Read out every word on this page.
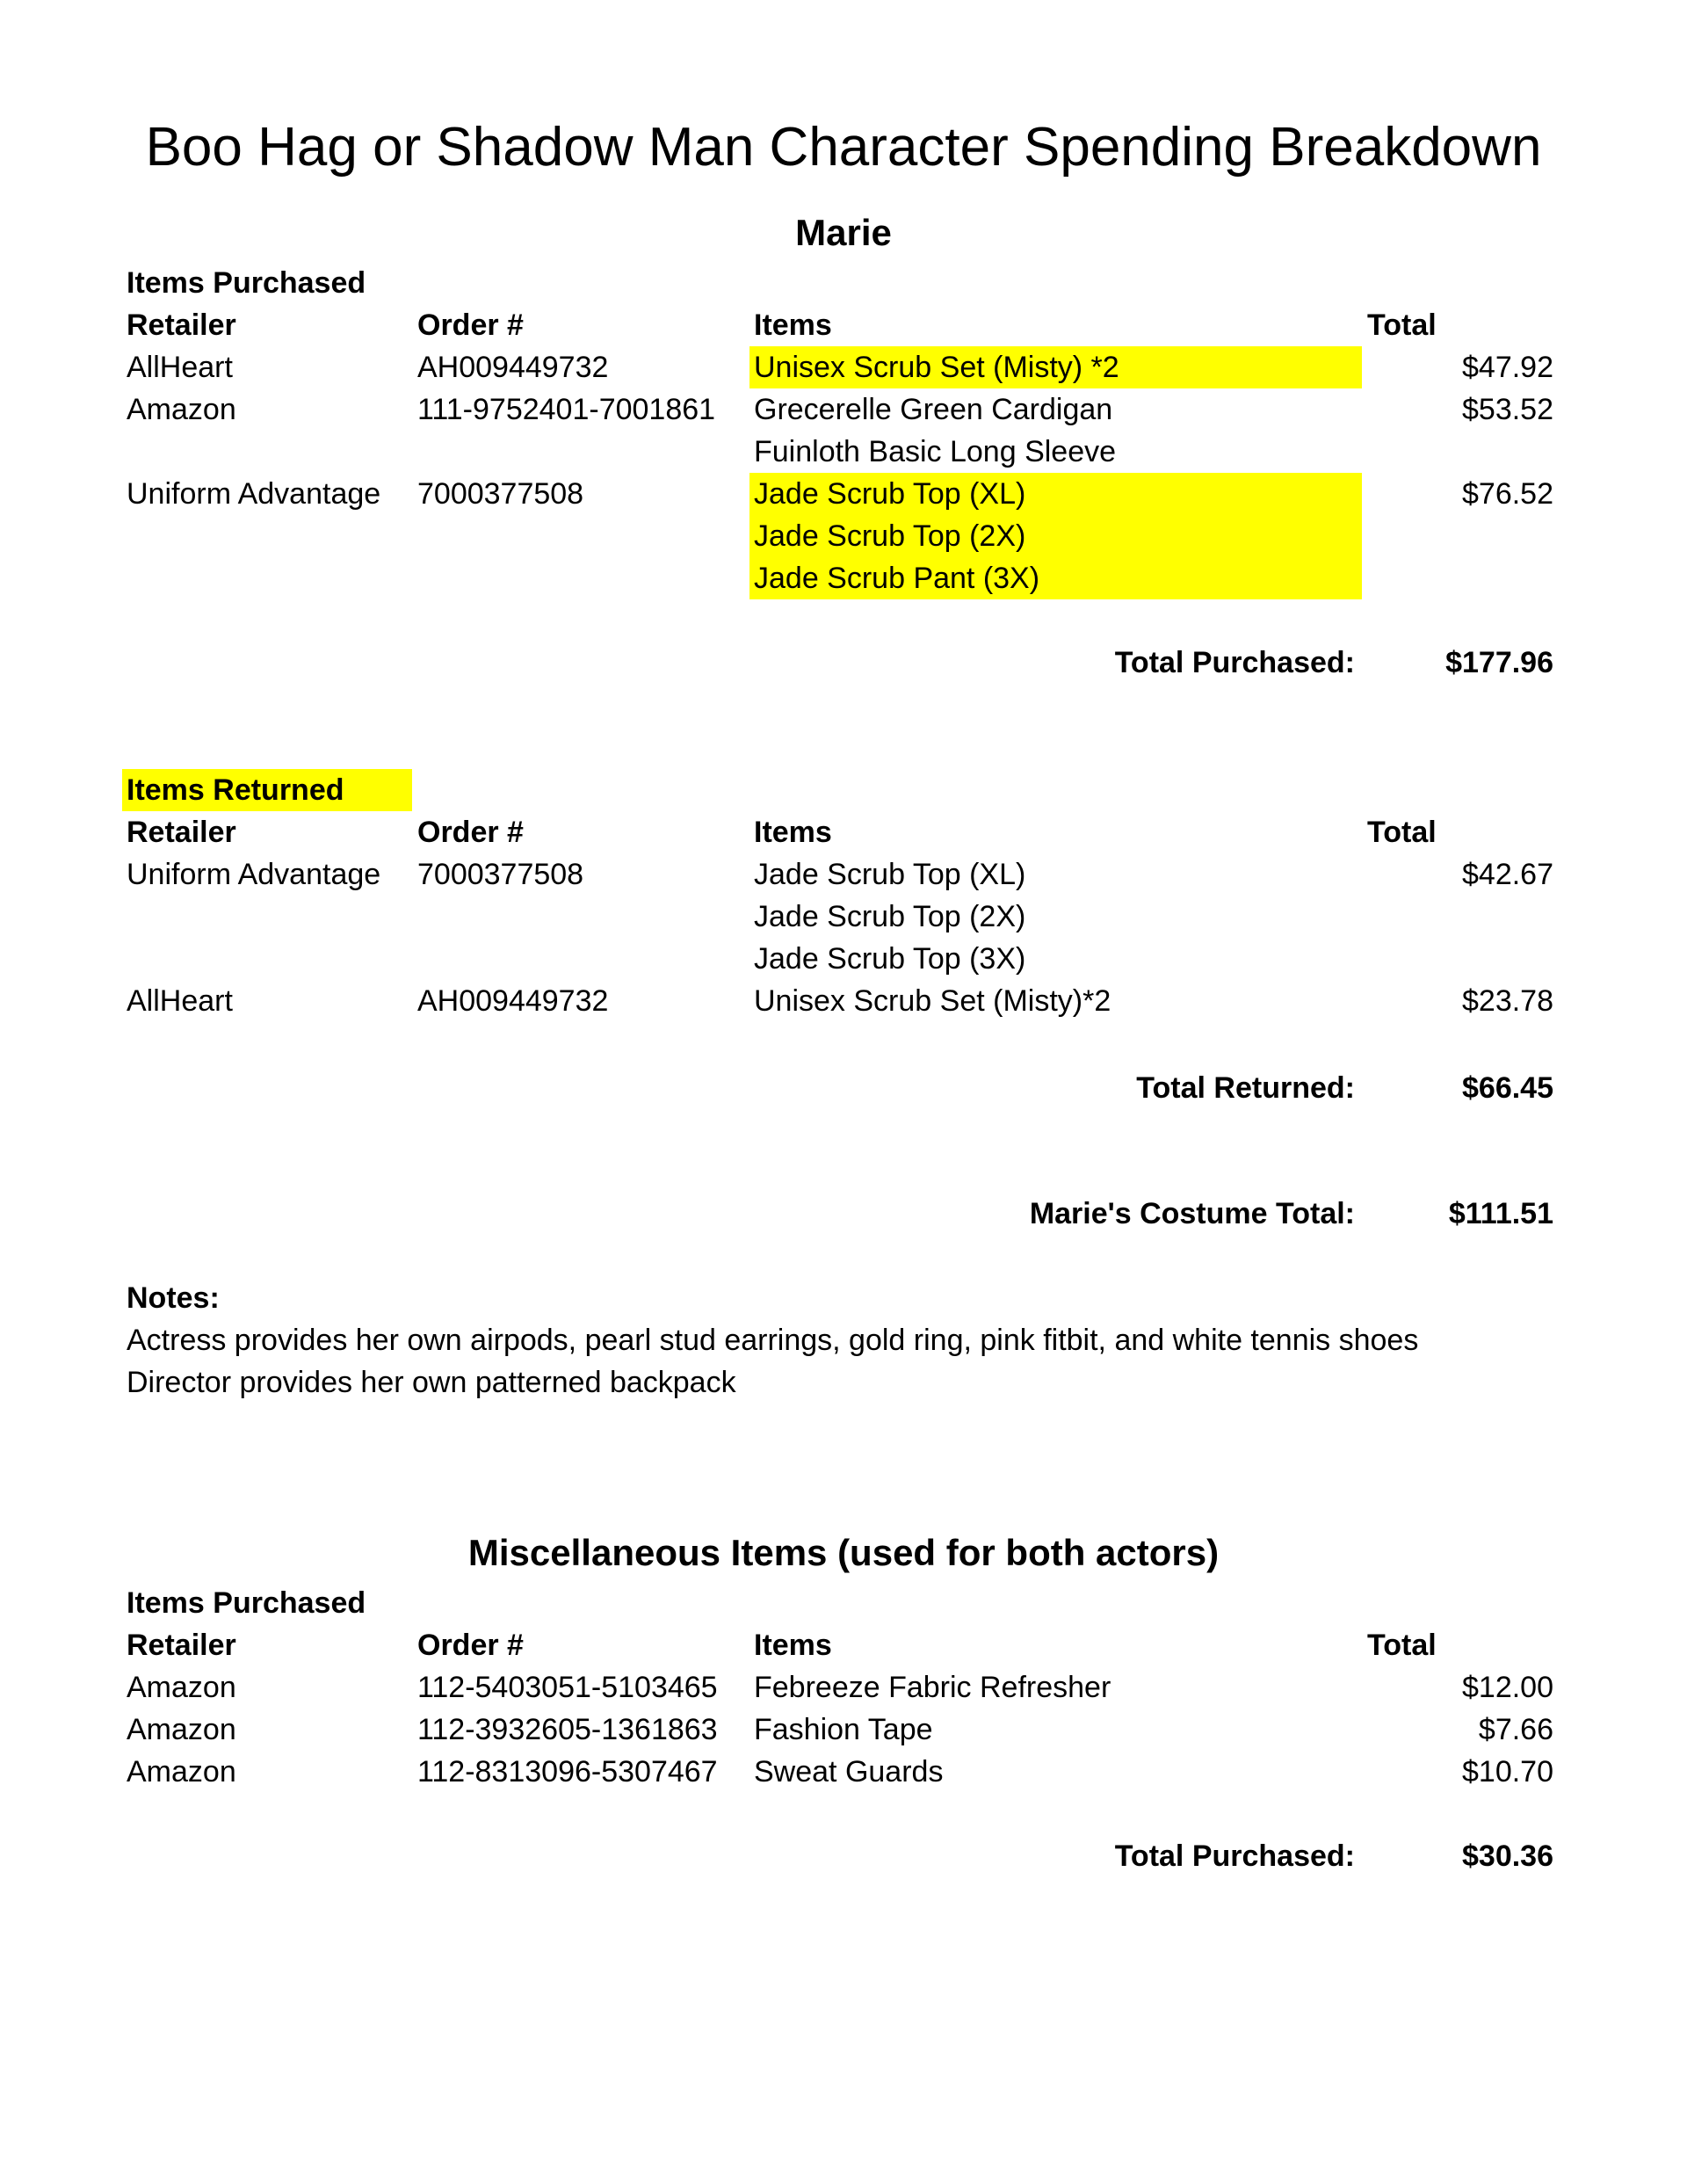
Boo Hag or Shadow Man Character Spending Breakdown
Marie
Items Purchased
Retailer	Order #	Items	Total
AllHeart	AH009449732	Unisex Scrub Set (Misty) *2	$47.92
Amazon	111-9752401-7001861 Grecerelle Green Cardigan	$53.52
Fuinloth Basic Long Sleeve
Uniform Advantage 7000377508	Jade Scrub Top (XL)	$76.52
Jade Scrub Top (2X)
Jade Scrub Pant (3X)
Total Purchased:	$177.96
Items Returned
Retailer	Order #	Items	Total
Uniform Advantage 7000377508	Jade Scrub Top (XL)	$42.67
Jade Scrub Top (2X)
Jade Scrub Top (3X)
AllHeart	AH009449732	Unisex Scrub Set (Misty)*2	$23.78
Total Returned:	$66.45
Marie's Costume Total:	$111.51
Notes:
Actress provides her own airpods, pearl stud earrings, gold ring, pink fitbit, and white tennis shoes
Director provides her own patterned backpack
Miscellaneous Items (used for both actors)
Items Purchased
Retailer	Order #	Items	Total
Amazon	112-5403051-5103465 Febreeze Fabric Refresher	$12.00
Amazon	112-3932605-1361863 Fashion Tape	$7.66
Amazon	112-8313096-5307467 Sweat Guards	$10.70
Total Purchased:	$30.36
